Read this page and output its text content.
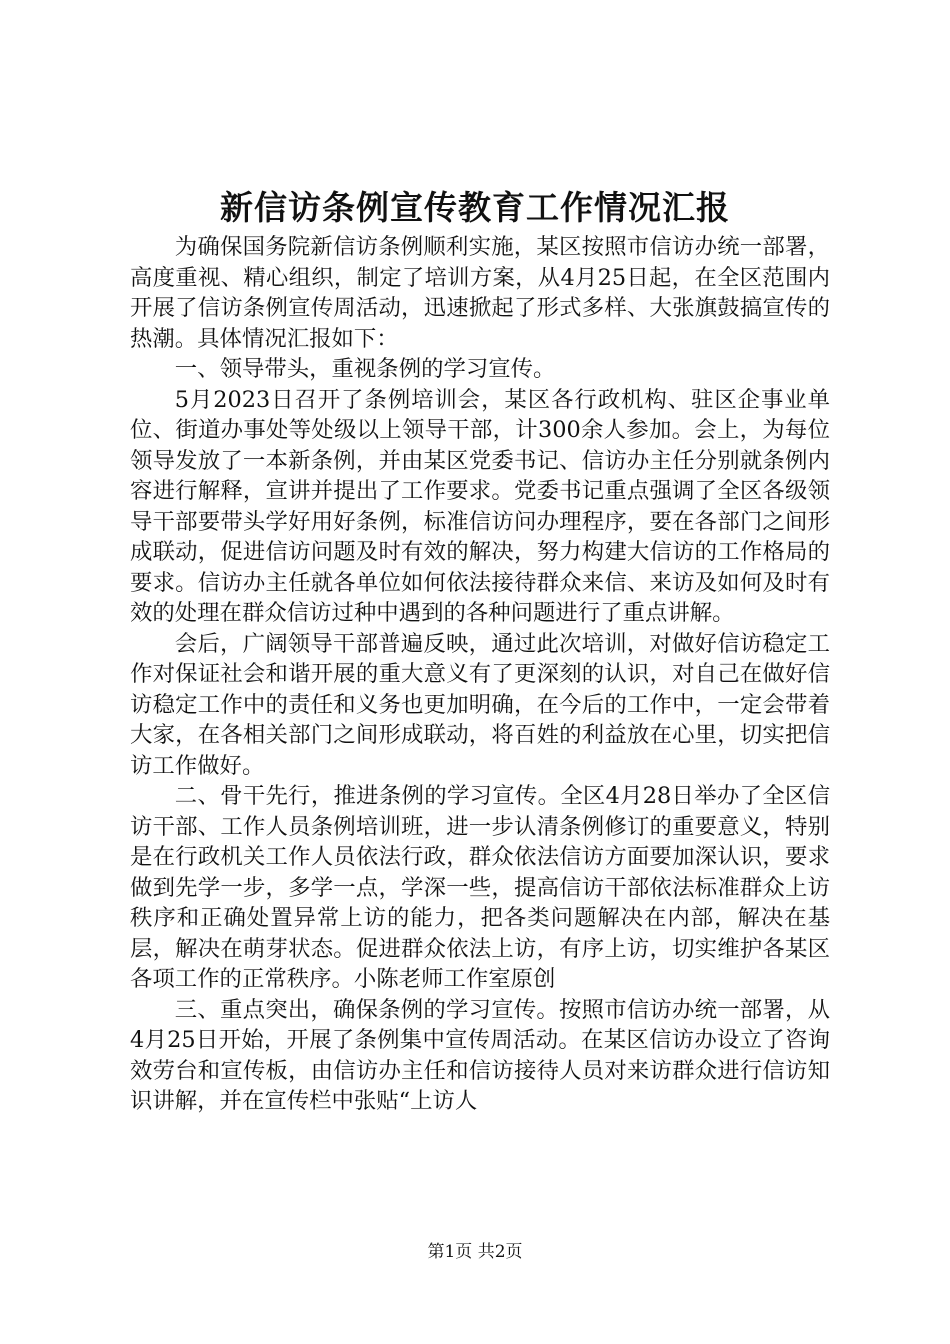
新信访条例宣传教育工作情况汇报

为确保国务院新信访条例顺利实施，某区按照市信访办统一部署，高度重视、精心组织，制定了培训方案，从4月25日起，在全区范围内开展了信访条例宣传周活动，迅速掀起了形式多样、大张旗鼓搞宣传的热潮。具体情况汇报如下：

一、领导带头，重视条例的学习宣传。

5月2023日召开了条例培训会，某区各行政机构、驻区企事业单位、街道办事处等处级以上领导干部，计300余人参加。会上，为每位领导发放了一本新条例，并由某区党委书记、信访办主任分别就条例内容进行解释，宣讲并提出了工作要求。党委书记重点强调了全区各级领导干部要带头学好用好条例，标准信访问办理程序，要在各部门之间形成联动，促进信访问题及时有效的解决，努力构建大信访的工作格局的要求。信访办主任就各单位如何依法接待群众来信、来访及如何及时有效的处理在群众信访过种中遇到的各种问题进行了重点讲解。

会后，广阔领导干部普遍反映，通过此次培训，对做好信访稳定工作对保证社会和谐开展的重大意义有了更深刻的认识，对自己在做好信访稳定工作中的责任和义务也更加明确，在今后的工作中，一定会带着大家，在各相关部门之间形成联动，将百姓的利益放在心里，切实把信访工作做好。

二、骨干先行，推进条例的学习宣传。全区4月28日举办了全区信访干部、工作人员条例培训班，进一步认清条例修订的重要意义，特别是在行政机关工作人员依法行政，群众依法信访方面要加深认识，要求做到先学一步，多学一点，学深一些，提高信访干部依法标准群众上访秩序和正确处置异常上访的能力，把各类问题解决在内部，解决在基层，解决在萌芽状态。促进群众依法上访，有序上访，切实维护各某区各项工作的正常秩序。小陈老师工作室原创

三、重点突出，确保条例的学习宣传。按照市信访办统一部署，从4月25日开始，开展了条例集中宣传周活动。在某区信访办设立了咨询效劳台和宣传板，由信访办主任和信访接待人员对来访群众进行信访知识讲解，并在宣传栏中张贴“上访人

第1页 共2页
